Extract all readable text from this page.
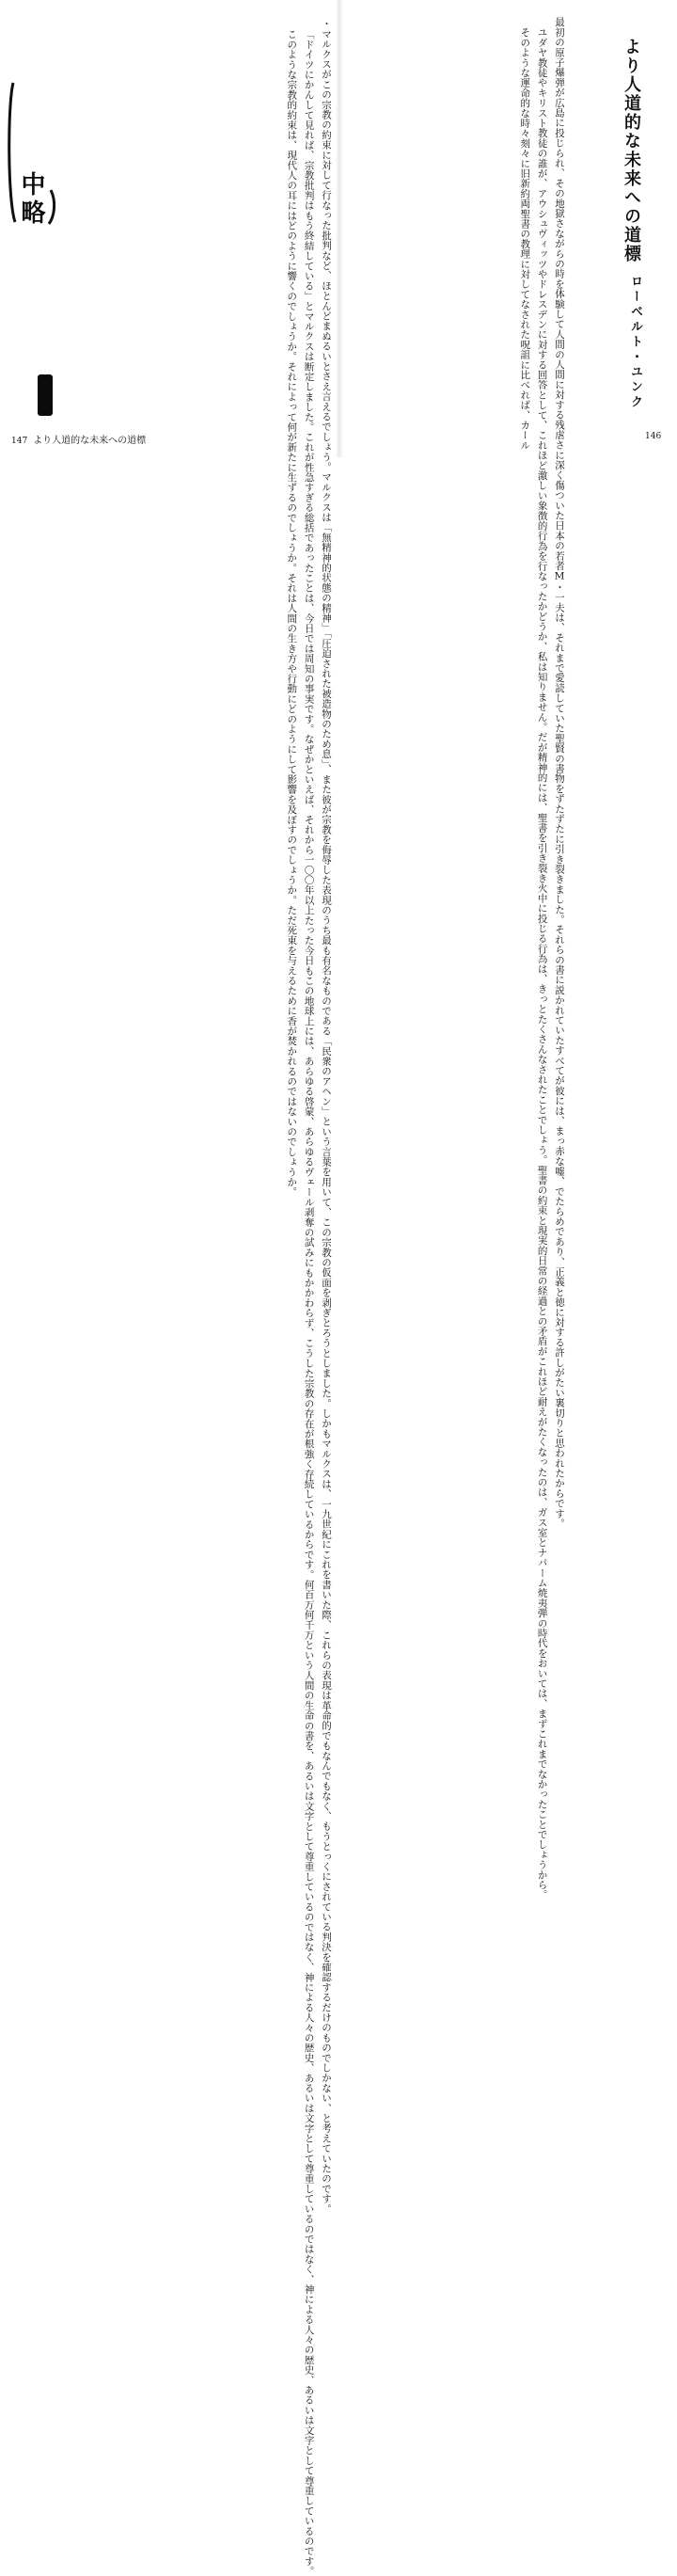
中略	・マルクスがこの宗教の約束に対して行なった批判など、ほとんどまぬるいとさえ言えるでしょう。マルクスは「無精神的状態の精神」「圧迫された被造物のため息」、また彼が宗教を侮辱した表現のうち最も有名なものである「民衆のアヘン」という言葉を用いて、この宗教の仮面を剥ぎとろうとしました。しかもマルクスは、一九世紀にこれを書いた際、これらの表現は革命的でもなんでもなく、もうとっくにされている判決を確認するだけのものでしかない、と考えていたのです。

「ドイツにかんして見れば、宗教批判はもう終結している」とマルクスは断定しました。これが性急すぎる総括であったことは、今日では周知の事実です。なぜかといえば、それから一〇〇年以上たった今日もこの地球上には、あらゆる啓蒙、あらゆるヴェール剥奪の試みにもかかわらず、こうした宗教の存在が根強く存続しているからです。何百万何千万という人間の生命の書を、あるいは文字として尊重しているのではなく、神による人々の歴史、あるいは文字として尊重しているのではなく、神による人々の歴史、あるいは文字として尊重しているのです。

このような宗教的約束は、現代人の耳にはどのように響くのでしょうか。それによって何が新たに生ずるのでしょうか。それは人間の生き方や行動にどのようにして影響を及ぼすのでしょうか。ただ死東を与えるために香が焚かれるのではないのでしょうか。

147 より人道的な未来への道標
より人道的な未来への道標
ローベルト・ユンク

最初の原子爆弾が広島に投じられ、その地獄さながらの時を体験して人間の人間に対する残虐さに深く傷ついた日本の若者M・一夫は、それまで愛読していた聖賢の書物をずたずたに引き裂きました。それらの書に説かれていたすべてが彼には、まっ赤な嘘、でたらめであり、正義と徳に対する許しがたい裏切りと思われたからです。

ユダヤ教徒やキリスト教徒の誰が、アウシュヴィッツやドレスデンに対する回答として、これほど激しい象徴的行為を行なったかどうか、私は知りません。だが精神的には、聖書を引き裂き火中に投じる行為は、きっとたくさんなされたことでしょう。聖書の約束と現実的日常の経過との矛盾がこれほど耐えがたくなったのは、ガス室とナパーム焼夷弾の時代をおいては、まずこれまでなかったことでしょうから。

そのような運命的な時々刻々に旧新約両聖書の教理に対してなされた呪詛に比べれば、カール	146
